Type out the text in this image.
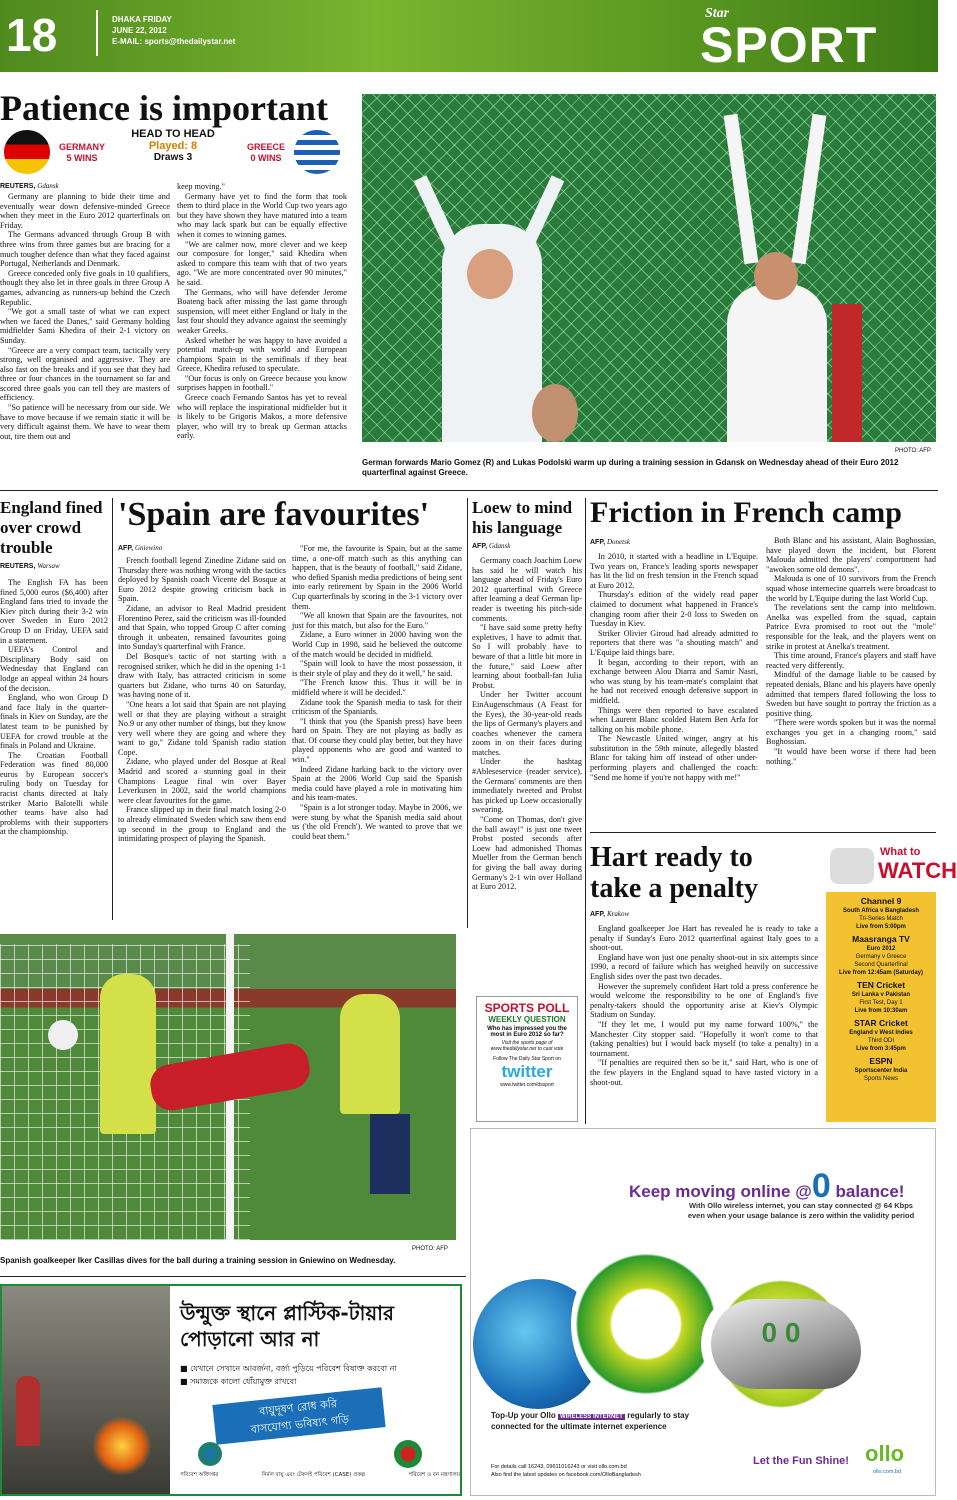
18	DHAKA FRIDAY
JUNE 22, 2012
E-MAIL: sports@thedailystar.net
Star
SPORT
Patience is important
GERMANY
5 WINS
HEAD TO HEAD
Played: 8
Draws 3
GREECE
0 WINS
REUTERS, Gdansk

Germany are planning to bide their time and eventually wear down defensive-minded Greece when they meet in the Euro 2012 quarterfinals on Friday.

The Germans advanced through Group B with three wins from three games but are bracing for a much tougher defence than what they faced against Portugal, Netherlands and Denmark.

Greece conceded only five goals in 10 qualifiers, though they also let in three goals in three Group A games, advancing as runners-up behind the Czech Republic.

"We got a small taste of what we can expect when we faced the Danes," said Germany holding midfielder Sami Khedira of their 2-1 victory on Sunday.

"Greece are a very compact team, tactically very strong, well organised and aggressive. They are also fast on the breaks and if you see that they had three or four chances in the tournament so far and scored three goals you can tell they are masters of efficiency.

"So patience will be necessary from our side. We have to move because if we remain static it will be very difficult against them. We have to wear them out, tire them out and

keep moving."

Germany have yet to find the form that took them to third place in the World Cup two years ago but they have shown they have matured into a team who may lack spark but can be equally effective when it comes to winning games.

"We are calmer now, more clever and we keep our composure for longer," said Khedira when asked to compare this team with that of two years ago. "We are more concentrated over 90 minutes," he said.

The Germans, who will have defender Jerome Boateng back after missing the last game through suspension, will meet either England or Italy in the last four should they advance against the seemingly weaker Greeks.

Asked whether he was happy to have avoided a potential match-up with world and European champions Spain in the semifinals if they beat Greece, Khedira refused to speculate.

"Our focus is only on Greece because you know surprises happen in football."

Greece coach Fernando Santos has yet to reveal who will replace the inspirational midfielder but it is likely to be Grigoris Makos, a more defensive player, who will try to break up German attacks early.

PHOTO: AFP
German forwards Mario Gomez (R) and Lukas Podolski warm up during a training session in Gdansk on Wednesday ahead of their Euro 2012 quarterfinal against Greece.
England fined over crowd trouble
REUTERS, Warsaw

The English FA has been fined 5,000 euros ($6,400) after England fans tried to invade the Kiev pitch during their 3-2 win over Sweden in Euro 2012 Group D on Friday, UEFA said in a statement.

UEFA's Control and Disciplinary Body said on Wednesday that England can lodge an appeal within 24 hours of the decision.

England, who won Group D and face Italy in the quarter-finals in Kiev on Sunday, are the latest team to be punished by UEFA for crowd trouble at the finals in Poland and Ukraine.

The Croatian Football Federation was fined 80,000 euros by European soccer's ruling body on Tuesday for racist chants directed at Italy striker Mario Balotelli while other teams have also had problems with their supporters at the championship.

'Spain are favourites'
AFP, Gniewino

French football legend Zinedine Zidane said on Thursday there was nothing wrong with the tactics deployed by Spanish coach Vicente del Bosque at Euro 2012 despite growing criticism back in Spain.

Zidane, an advisor to Real Madrid president Florentino Perez, said the criticism was ill-founded and that Spain, who topped Group C after coming through it unbeaten, remained favourites going into Sunday's quarterfinal with France.

Del Bosque's tactic of not starting with a recognised striker, which he did in the opening 1-1 draw with Italy, has attracted criticism in some quarters but Zidane, who turns 40 on Saturday, was having none of it.

"One hears a lot said that Spain are not playing well or that they are playing without a straight No.9 or any other number of things, but they know very well where they are going and where they want to go," Zidane told Spanish radio station Cope.

Zidane, who played under del Bosque at Real Madrid and scored a stunning goal in their Champions League final win over Bayer Leverkusen in 2002, said the world champions were clear favourites for the game.

France slipped up in their final match losing 2-0 to already eliminated Sweden which saw them end up second in the group to England and the intimidating prospect of playing the Spanish.

"For me, the favourite is Spain, but at the same time, a one-off match such as this anything can happen, that is the beauty of football," said Zidane, who defied Spanish media predictions of being sent into early retirement by Spain in the 2006 World Cup quarterfinals by scoring in the 3-1 victory over them.

"We all known that Spain are the favourites, not just for this match, but also for the Euro."

Zidane, a Euro winner in 2000 having won the World Cup in 1998, said he believed the outcome of the match would be decided in midfield.

"Spain will look to have the most possession, it is their style of play and they do it well," he said.

"The French know this. Thus it will be in midfield where it will be decided."

Zidane took the Spanish media to task for their criticism of the Spaniards.

"I think that you (the Spanish press) have been hard on Spain. They are not playing as badly as that. Of course they could play better, but they have played opponents who are good and wanted to win."

Indeed Zidane harking back to the victory over Spain at the 2006 World Cup said the Spanish media could have played a role in motivating him and his team-mates.

"Spain is a lot stronger today. Maybe in 2006, we were stung by what the Spanish media said about us ('the old French'). We wanted to prove that we could beat them."

Loew to mind his language
AFP, Gdansk

Germany coach Joachim Loew has said he will watch his language ahead of Friday's Euro 2012 quarterfinal with Greece after learning a deaf German lip-reader is tweeting his pitch-side comments.

"I have said some pretty hefty expletives, I have to admit that. So I will probably have to beware of that a little bit more in the future," said Loew after learning about football-fan Julia Probst.

Under her Twitter account EinAugenschmaus (A Feast for the Eyes), the 30-year-old reads the lips of Germany's players and coaches whenever the camera zoom in on their faces during matches.

Under the hashtag #Ableseservice (reader service), the Germans' comments are then immediately tweeted and Probst has picked up Loew occasionally swearing.

"Come on Thomas, don't give the ball away!" is just one tweet Probst posted seconds after Loew had admonished Thomas Mueller from the German bench for giving the ball away during Germany's 2-1 win over Holland at Euro 2012.

SPORTS POLL
WEEKLY QUESTION
Who has impressed you the most in Euro 2012 so far?
Visit the sports page of www.thedailystar.net to cast vote
Follow The Daily Star Sport on
twitter
www.twitter.com/dssport
Friction in French camp
AFP, Donetsk

In 2010, it started with a headline in L'Equipe. Two years on, France's leading sports newspaper has lit the lid on fresh tension in the French squad at Euro 2012.

Thursday's edition of the widely read paper claimed to document what happened in France's changing room after their 2-0 loss to Sweden on Tuesday in Kiev.

Striker Olivier Giroud had already admitted to reporters that there was "a shouting match" and L'Equipe laid things bare.

It began, according to their report, with an exchange between Alou Diarra and Samir Nasri, who was stung by his team-mate's complaint that he had not received enough defensive support in midfield.

Things were then reported to have escalated when Laurent Blanc scolded Hatem Ben Arfa for talking on his mobile phone.

The Newcastle United winger, angry at his substitution in the 59th minute, allegedly blasted Blanc for taking him off instead of other under-performing players and challenged the coach: "Send me home if you're not happy with me!"

Both Blanc and his assistant, Alain Boghossian, have played down the incident, but Florent Malouda admitted the players' comportment had "awoken some old demons".

Malouda is one of 10 survivors from the French squad whose internecine quarrels were broadcast to the world by L'Equipe during the last World Cup.

The revelations sent the camp into meltdown. Anelka was expelled from the squad, captain Patrice Evra promised to root out the "mole" responsible for the leak, and the players went on strike in protest at Anelka's treatment.

This time around, France's players and staff have reacted very differently.

Mindful of the damage liable to be caused by repeated denials, Blanc and his players have openly admitted that tempers flared following the loss to Sweden but have sought to portray the friction as a positive thing.

"There were words spoken but it was the normal exchanges you get in a changing room," said Boghossian.

"It would have been worse if there had been nothing."

Hart ready to take a penalty
AFP, Krakow

England goalkeeper Joe Hart has revealed he is ready to take a penalty if Sunday's Euro 2012 quarterfinal against Italy goes to a shoot-out.

England have won just one penalty shoot-out in six attempts since 1990, a record of failure which has weighed heavily on successive English sides over the past two decades.

However the supremely confident Hart told a press conference he would welcome the responsibility to be one of England's five penalty-takers should the opportunity arise at Kiev's Olympic Stadium on Sunday.

"If they let me, I would put my name forward 100%," the Manchester City stopper said. "Hopefully it won't come to that (taking penalties) but I would back myself (to take a penalty) in a tournament.

"If penalties are required then so be it," said Hart, who is one of the few players in the England squad to have tasted victory in a shoot-out.

What to
WATCH
Channel 9
South Africa v Bangladesh
Tri-Series Match
Live from 5:00pm
Maasranga TV
Euro 2012
Germany v Greece
Second Quarterfinal
Live from 12:45am (Saturday)
TEN Cricket
Sri Lanka v Pakistan
First Test, Day 1
Live from 10:30am
STAR Cricket
England v West Indies
Third ODI
Live from 3:45pm
ESPN
Sportscenter India
Sports News
PHOTO: AFP
Spanish goalkeeper Iker Casillas dives for the ball during a training session in Gniewino on Wednesday.
উন্মুক্ত স্থানে প্লাস্টিক-টায়ার
পোড়ানো আর না
■ যেখানে সেখানে আবর্জনা, বর্জ্য পুড়িয়ে পরিবেশ বিষাক্ত করবো না
■ সমাজকে কালো ধোঁয়ামুক্ত রাখবো
বায়ুদূষণ রোধ করি
বাসযোগ্য ভবিষ্যৎ গড়ি
পরিবেশ অধিদপ্তর	নির্মল বায়ু এবং টেকসই পরিবেশ (CASE) প্রকল্প	পরিবেশ ও বন মন্ত্রণালয়
Keep moving online @0 balance!
With Ollo wireless internet, you can stay connected @ 64 Kbps
even when your usage balance is zero within the validity period
0 0
Top-Up your Ollo WIRELESS INTERNET regularly to stay
connected for the ultimate internet experience
For details call 16243, 09611016243 or visit ollo.com.bd
Also find the latest updates on facebook.com/OlloBangladesh
Let the Fun Shine! ollo
ollo.com.bd
